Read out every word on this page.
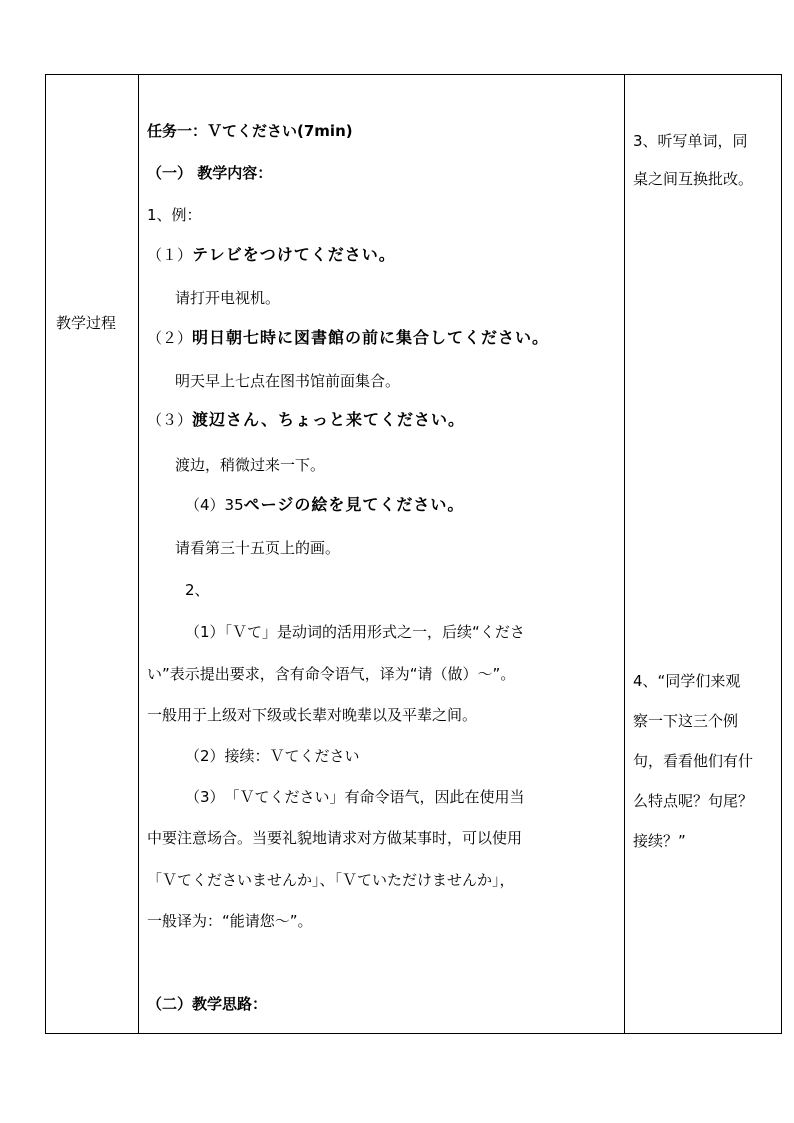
教学过程
任务一：Ｖてください(7min)
（一） 教学内容：
1、例：
（１）テレビをつけてください。
请打开电视机。
（２）明日朝七時に図書館の前に集合してください。
明天早上七点在图书馆前面集合。
（３）渡辺さん、ちょっと来てください。
渡边，稍微过来一下。
（4）35ページの絵を見てください。
请看第三十五页上的画。
2、
（1）「Ｖて」是动词的活用形式之一，后续“くださ
い”表示提出要求，含有命令语气，译为“请（做）～”。
一般用于上级对下级或长辈对晚辈以及平辈之间。
（2）接续：Ｖてください
（3）　「Ｖてください」有命令语气，因此在使用当
中要注意场合。当要礼貌地请求对方做某事时，可以使用
「Ｖてくださいませんか」、「Ｖていただけませんか」，
一般译为：“能请您～”。
（二）教学思路：
3、听写单词，同
桌之间互换批改。
4、“同学们来观
察一下这三个例
句，看看他们有什
么特点呢？句尾？
接续？”
